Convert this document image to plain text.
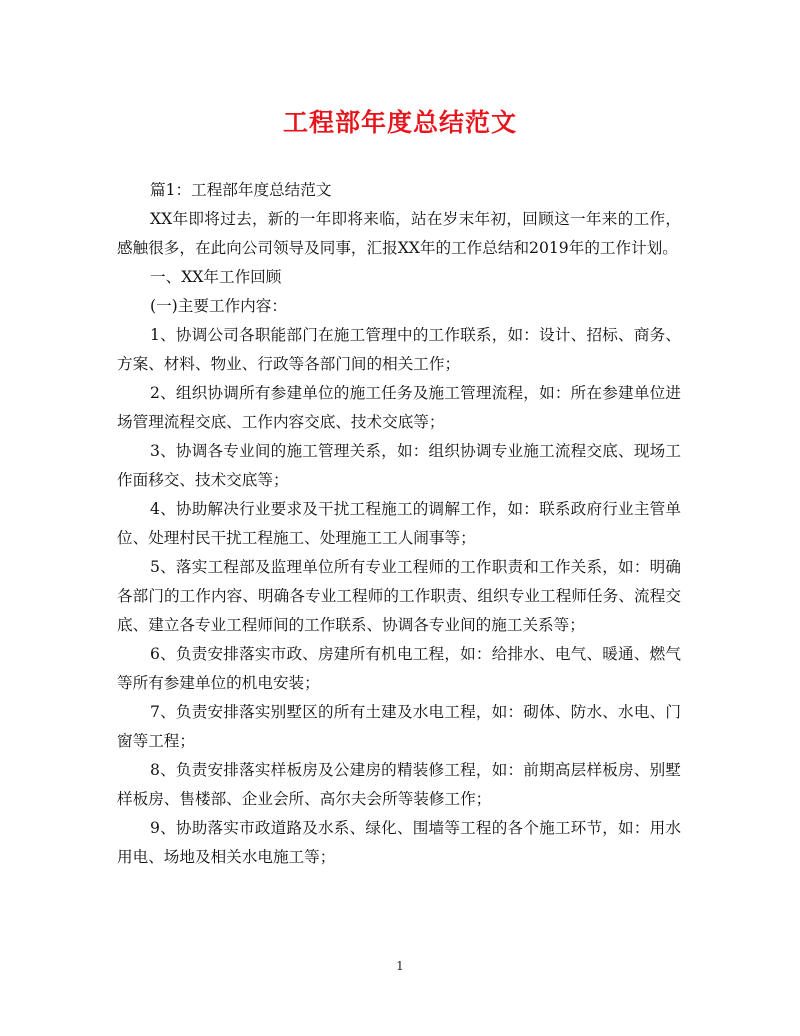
工程部年度总结范文

篇1：工程部年度总结范文

XX年即将过去，新的一年即将来临，站在岁末年初，回顾这一年来的工作，感触很多，在此向公司领导及同事，汇报XX年的工作总结和2019年的工作计划。

一、XX年工作回顾

(一)主要工作内容：

1、协调公司各职能部门在施工管理中的工作联系，如：设计、招标、商务、方案、材料、物业、行政等各部门间的相关工作；

2、组织协调所有参建单位的施工任务及施工管理流程，如：所在参建单位进场管理流程交底、工作内容交底、技术交底等；

3、协调各专业间的施工管理关系，如：组织协调专业施工流程交底、现场工作面移交、技术交底等；

4、协助解决行业要求及干扰工程施工的调解工作，如：联系政府行业主管单位、处理村民干扰工程施工、处理施工工人闹事等；

5、落实工程部及监理单位所有专业工程师的工作职责和工作关系，如：明确各部门的工作内容、明确各专业工程师的工作职责、组织专业工程师任务、流程交底、建立各专业工程师间的工作联系、协调各专业间的施工关系等；

6、负责安排落实市政、房建所有机电工程，如：给排水、电气、暖通、燃气等所有参建单位的机电安装；

7、负责安排落实别墅区的所有土建及水电工程，如：砌体、防水、水电、门窗等工程；

8、负责安排落实样板房及公建房的精装修工程，如：前期高层样板房、别墅样板房、售楼部、企业会所、高尔夫会所等装修工作；

9、协助落实市政道路及水系、绿化、围墙等工程的各个施工环节，如：用水用电、场地及相关水电施工等；

1
